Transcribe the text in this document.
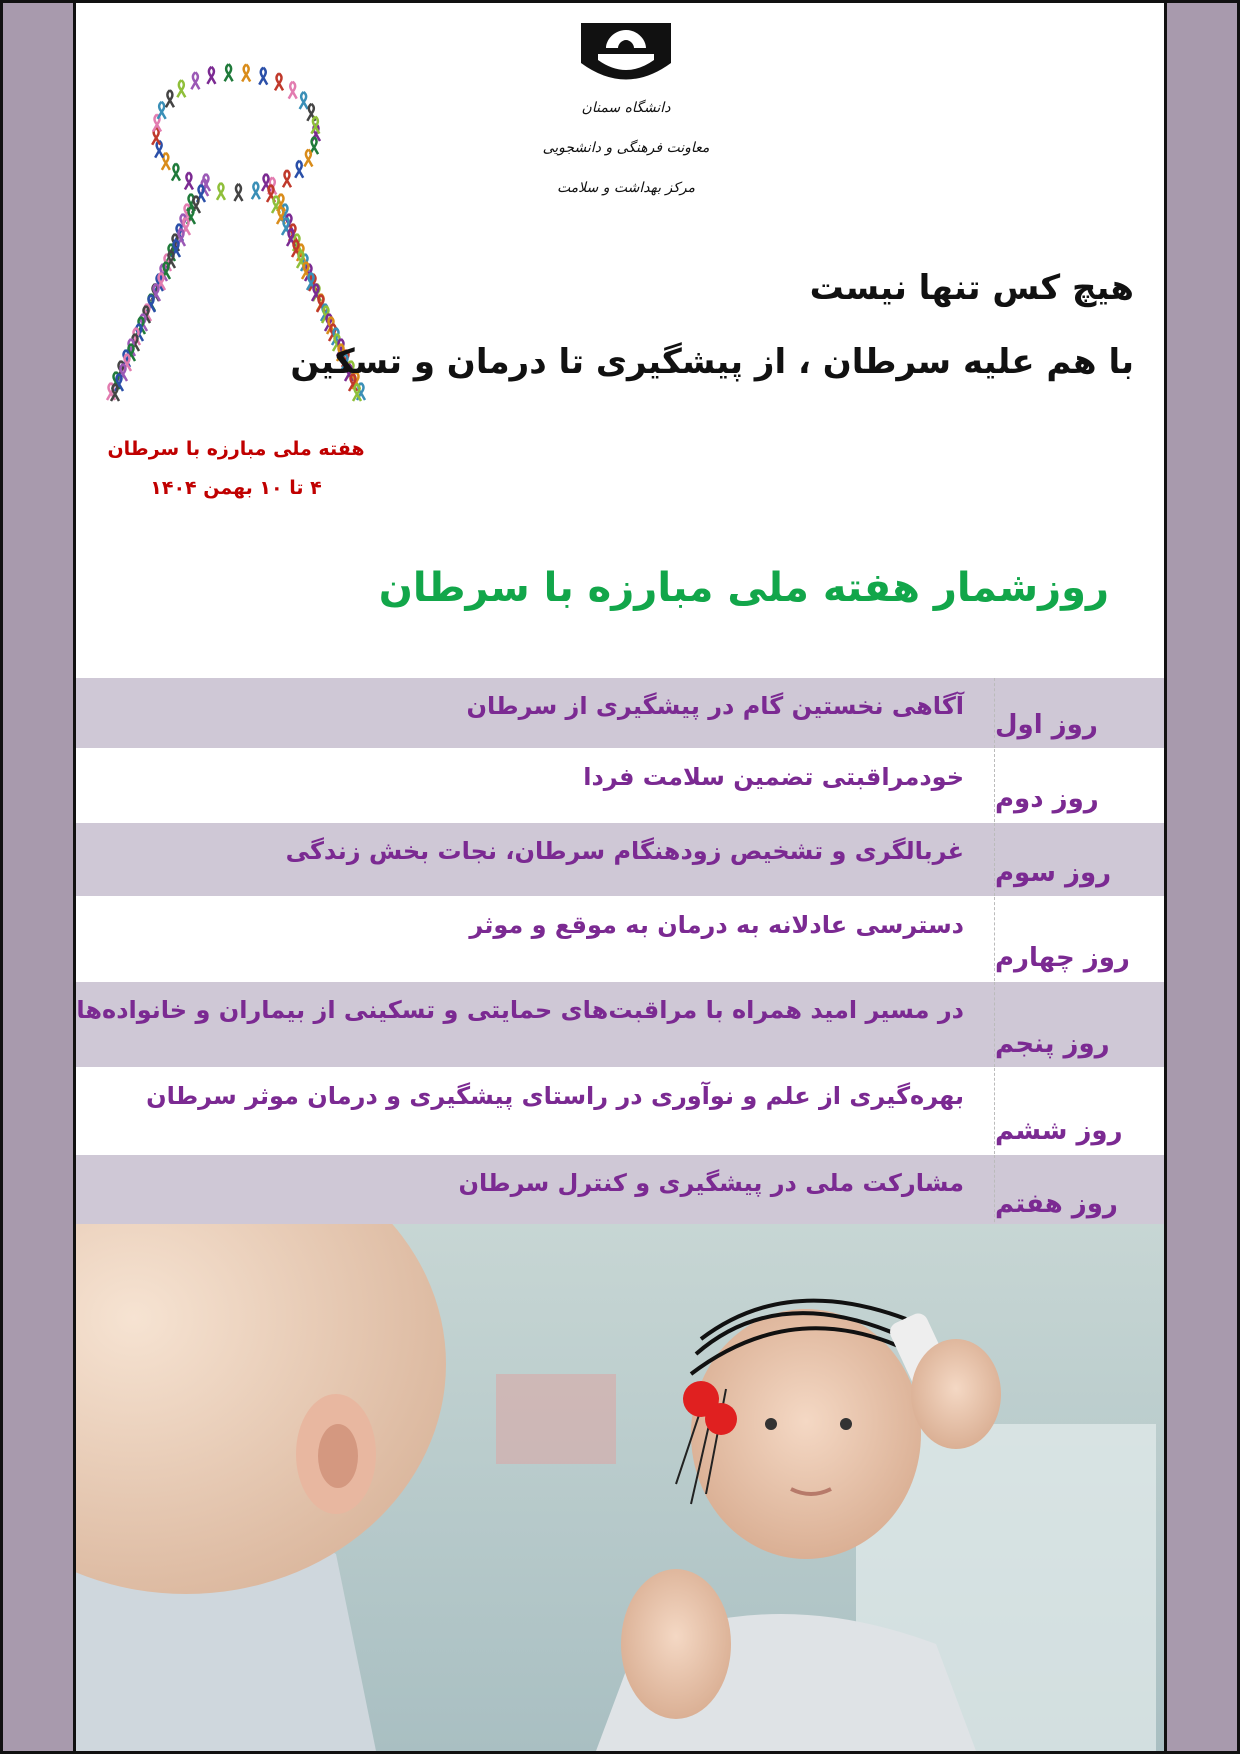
هفته ملی مبارزه با سرطان
۴ تا ۱۰ بهمن ۱۴۰۴
دانشگاه سمنان
معاونت فرهنگی و دانشجویی
مرکز بهداشت و سلامت
هیچ کس تنها نیست
با هم علیه سرطان ، از پیشگیری تا درمان و تسکین
روزشمار هفته ملی مبارزه با سرطان
روز اول
آگاهی نخستین گام در پیشگیری از سرطان
روز دوم
خودمراقبتی تضمین سلامت فردا
روز سوم
غربالگری و تشخیص زودهنگام سرطان، نجات بخش زندگی
روز چهارم
دسترسی عادلانه به درمان به موقع و موثر
روز پنجم
در مسیر امید همراه با مراقبت‌های حمایتی و تسکینی از بیماران و خانواده‌ها
روز ششم
بهره‌گیری از علم و نوآوری در راستای پیشگیری و درمان موثر سرطان
روز هفتم
مشارکت ملی در پیشگیری و کنترل سرطان
